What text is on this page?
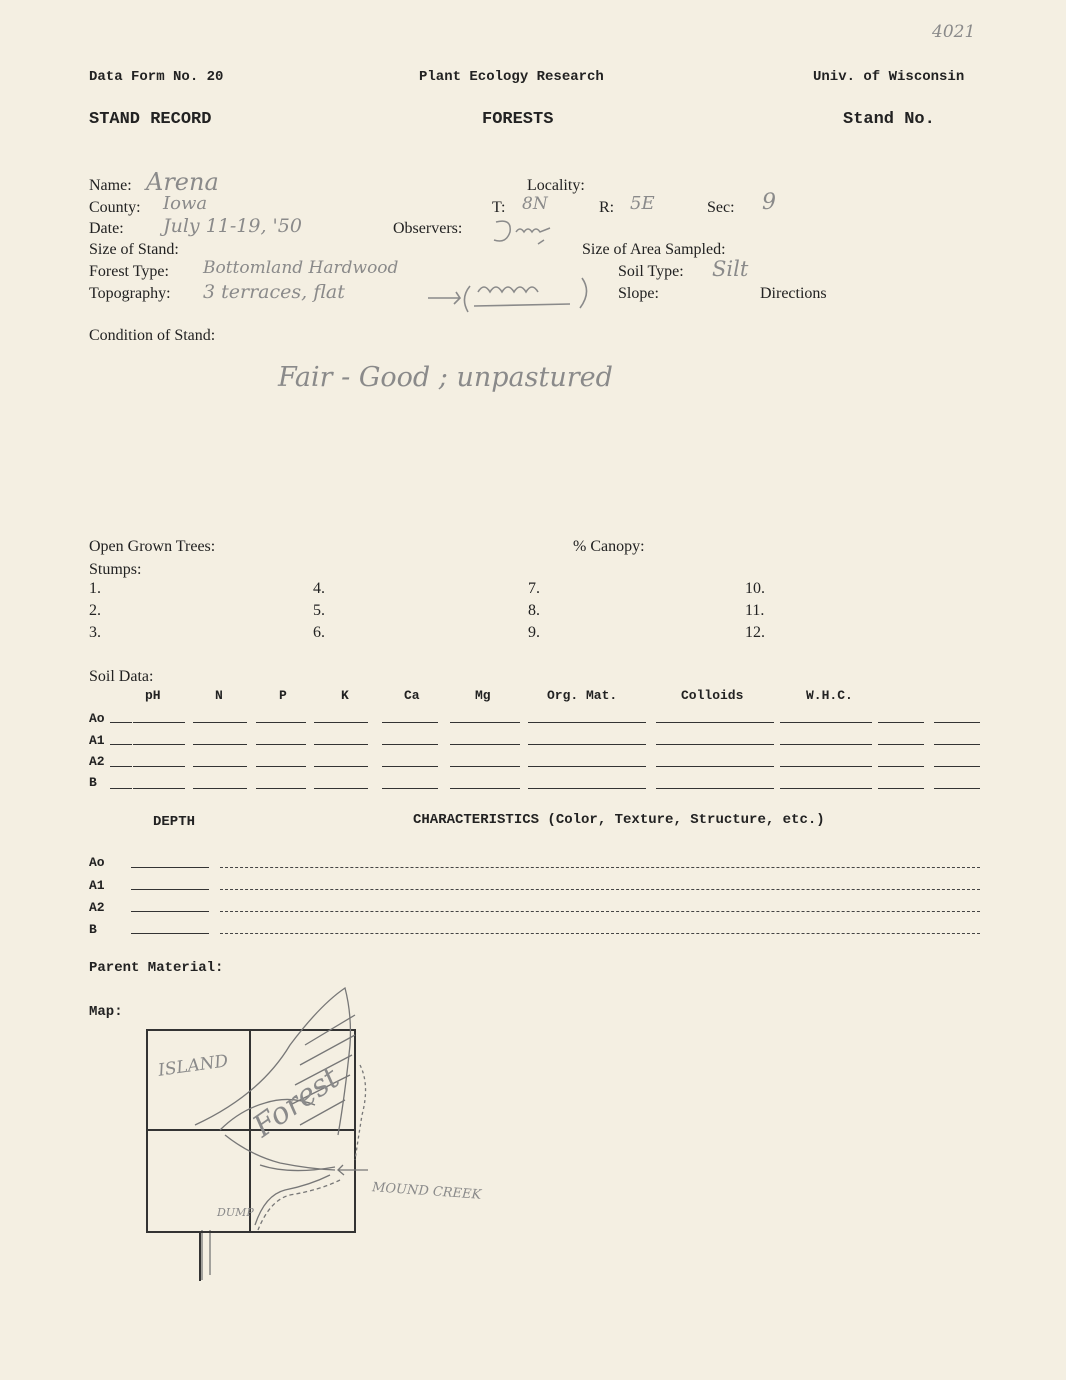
4021
Data Form No. 20	Plant Ecology Research	Univ. of Wisconsin
STAND RECORD	FORESTS	Stand No.
Name: Arena
County: Iowa
Date: July 11-19, '50
Size of Stand:
Forest Type: Bottomland Hardwood
Topography: 3 terraces, flat
Locality:
T: 8N	R: 5E	Sec: 9
Observers:
Size of Area Sampled:
Soil Type: Silt
Slope:	Directions
Condition of Stand:
Fair - Good ; unpastured
Open Grown Trees:	% Canopy:
Stumps:
1.
2.
3.
4.
5.
6.
7.
8.
9.
10.
11.
12.
Soil Data:
pH	N	P	K	Ca	Mg	Org. Mat.	Colloids	W.H.C.
Ao
A1
A2
B
DEPTH	CHARACTERISTICS (Color, Texture, Structure, etc.)
Ao
A1
A2
B
Parent Material:
Map:
ISLAND Forest
MOUND CREEK
DUMP
